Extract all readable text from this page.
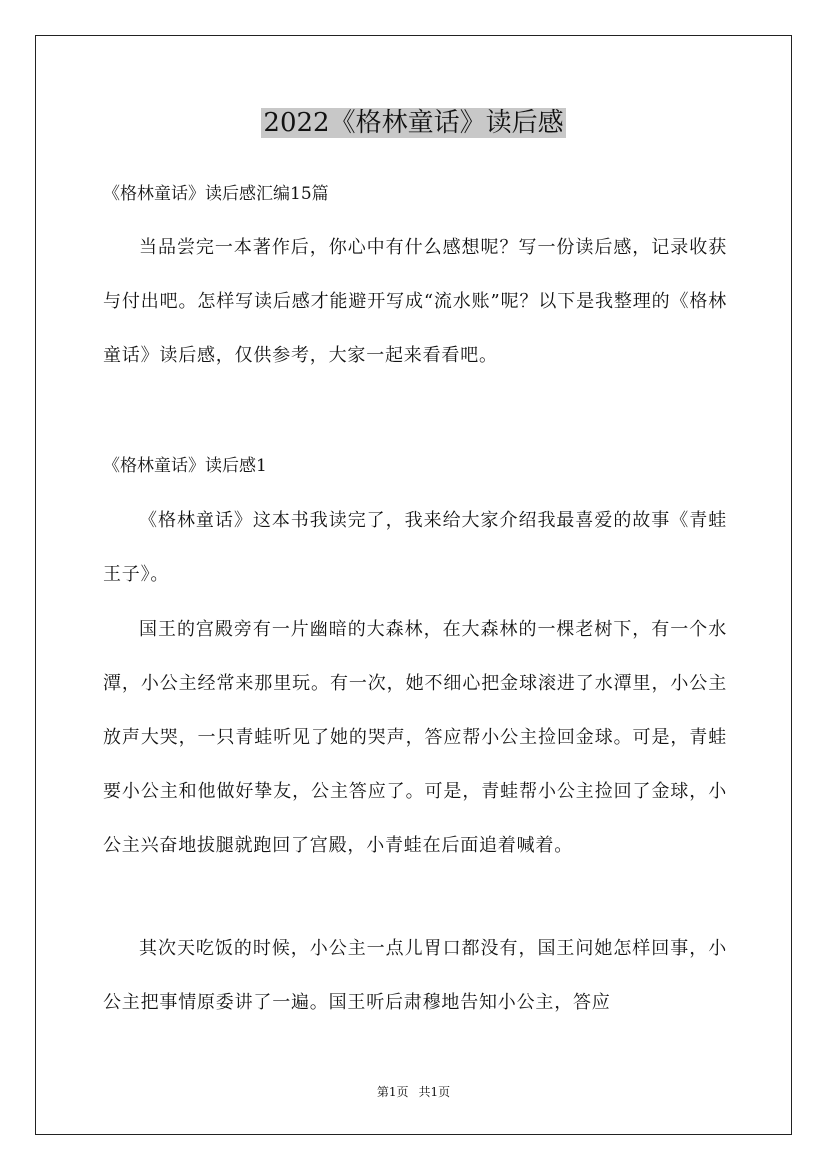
2022《格林童话》读后感

《格林童话》读后感汇编15篇

当品尝完一本著作后，你心中有什么感想呢？写一份读后感，记录收获与付出吧。怎样写读后感才能避开写成“流水账”呢？以下是我整理的《格林童话》读后感，仅供参考，大家一起来看看吧。

《格林童话》读后感1

《格林童话》这本书我读完了，我来给大家介绍我最喜爱的故事《青蛙王子》。

国王的宫殿旁有一片幽暗的大森林，在大森林的一棵老树下，有一个水潭，小公主经常来那里玩。有一次，她不细心把金球滚进了水潭里，小公主放声大哭，一只青蛙听见了她的哭声，答应帮小公主捡回金球。可是，青蛙要小公主和他做好挚友，公主答应了。可是，青蛙帮小公主捡回了金球，小公主兴奋地拔腿就跑回了宫殿，小青蛙在后面追着喊着。

其次天吃饭的时候，小公主一点儿胃口都没有，国王问她怎样回事，小公主把事情原委讲了一遍。国王听后肃穆地告知小公主，答应

第1页 共1页
